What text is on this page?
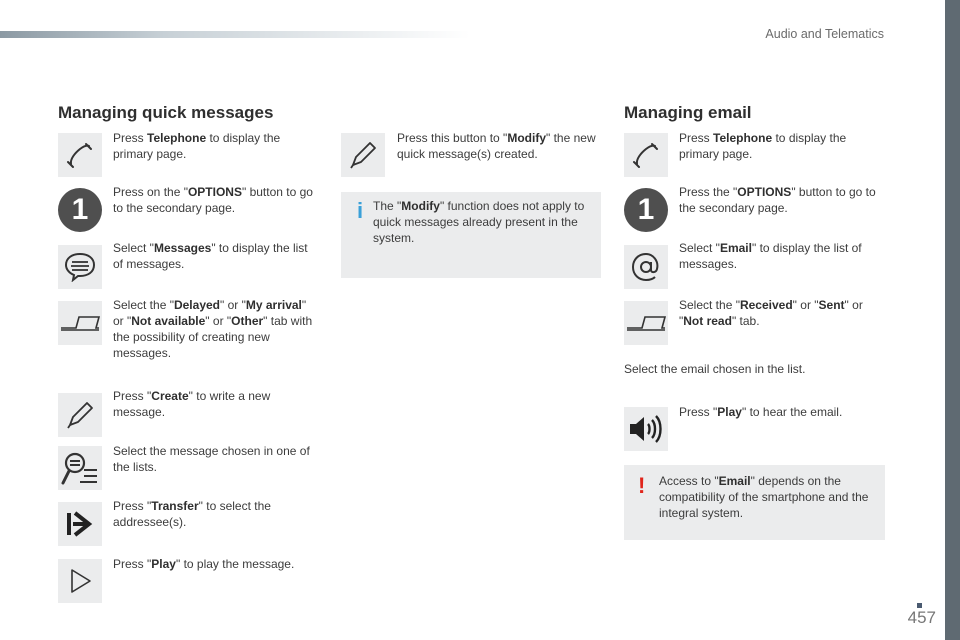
Audio and Telematics
Managing quick messages
Press Telephone to display the primary page.
1
Press on the "OPTIONS" button to go to the secondary page.
Select "Messages" to display the list of messages.
Select the "Delayed" or "My arrival" or "Not available" or "Other" tab with the possibility of creating new messages.
Press "Create" to write a new message.
Select the message chosen in one of the lists.
Press "Transfer" to select the addressee(s).
Press "Play" to play the message.
Press this button to "Modify" the new quick message(s) created.
i The "Modify" function does not apply to quick messages already present in the system.
Managing email
Press Telephone to display the primary page.
1
Press the "OPTIONS" button to go to the secondary page.
Select "Email" to display the list of messages.
Select the "Received" or "Sent" or "Not read" tab.
Select the email chosen in the list.
Press "Play" to hear the email.
! Access to "Email" depends on the compatibility of the smartphone and the integral system.
457
